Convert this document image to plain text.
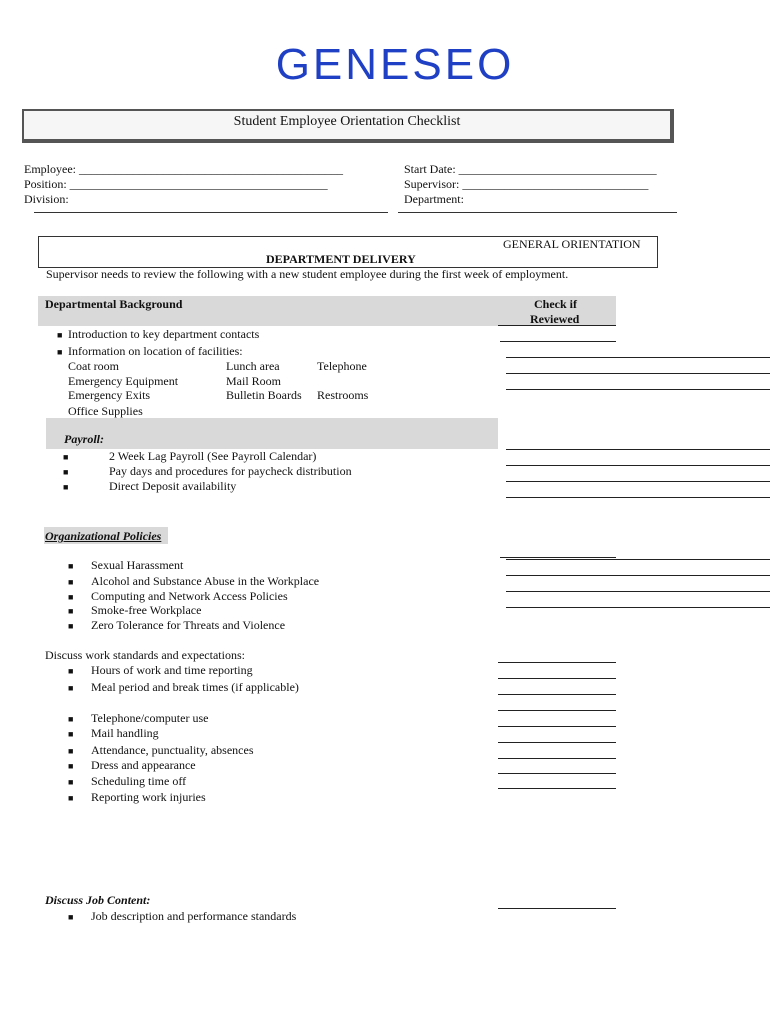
GENESEO
Student Employee Orientation Checklist
Employee: ____________________________________________
Position: ___________________________________________
Division:
Start Date: _________________________________
Supervisor: _______________________________
Department:
GENERAL ORIENTATION
DEPARTMENT DELIVERY
Supervisor needs to review the following with a new student employee during the first week of employment.
Departmental Background	Check if
Reviewed
■ Introduction to key department contacts
■ Information on location of facilities:
Coat room	Lunch area	Telephone
Emergency Equipment	Mail Room
Emergency Exits	Bulletin Boards Restrooms
Office Supplies
Payroll:
■	2 Week Lag Payroll (See Payroll Calendar)
■	Pay days and procedures for paycheck distribution
■	Direct Deposit availability
Organizational Policies
■ Sexual Harassment
■ Alcohol and Substance Abuse in the Workplace
■ Computing and Network Access Policies
■ Smoke-free Workplace
■ Zero Tolerance for Threats and Violence
Discuss work standards and expectations:
■ Hours of work and time reporting
■ Meal period and break times (if applicable)
■ Telephone/computer use
■ Mail handling
■ Attendance, punctuality, absences
■ Dress and appearance
■ Scheduling time off
■ Reporting work injuries
Discuss Job Content:
■ Job description and performance standards
